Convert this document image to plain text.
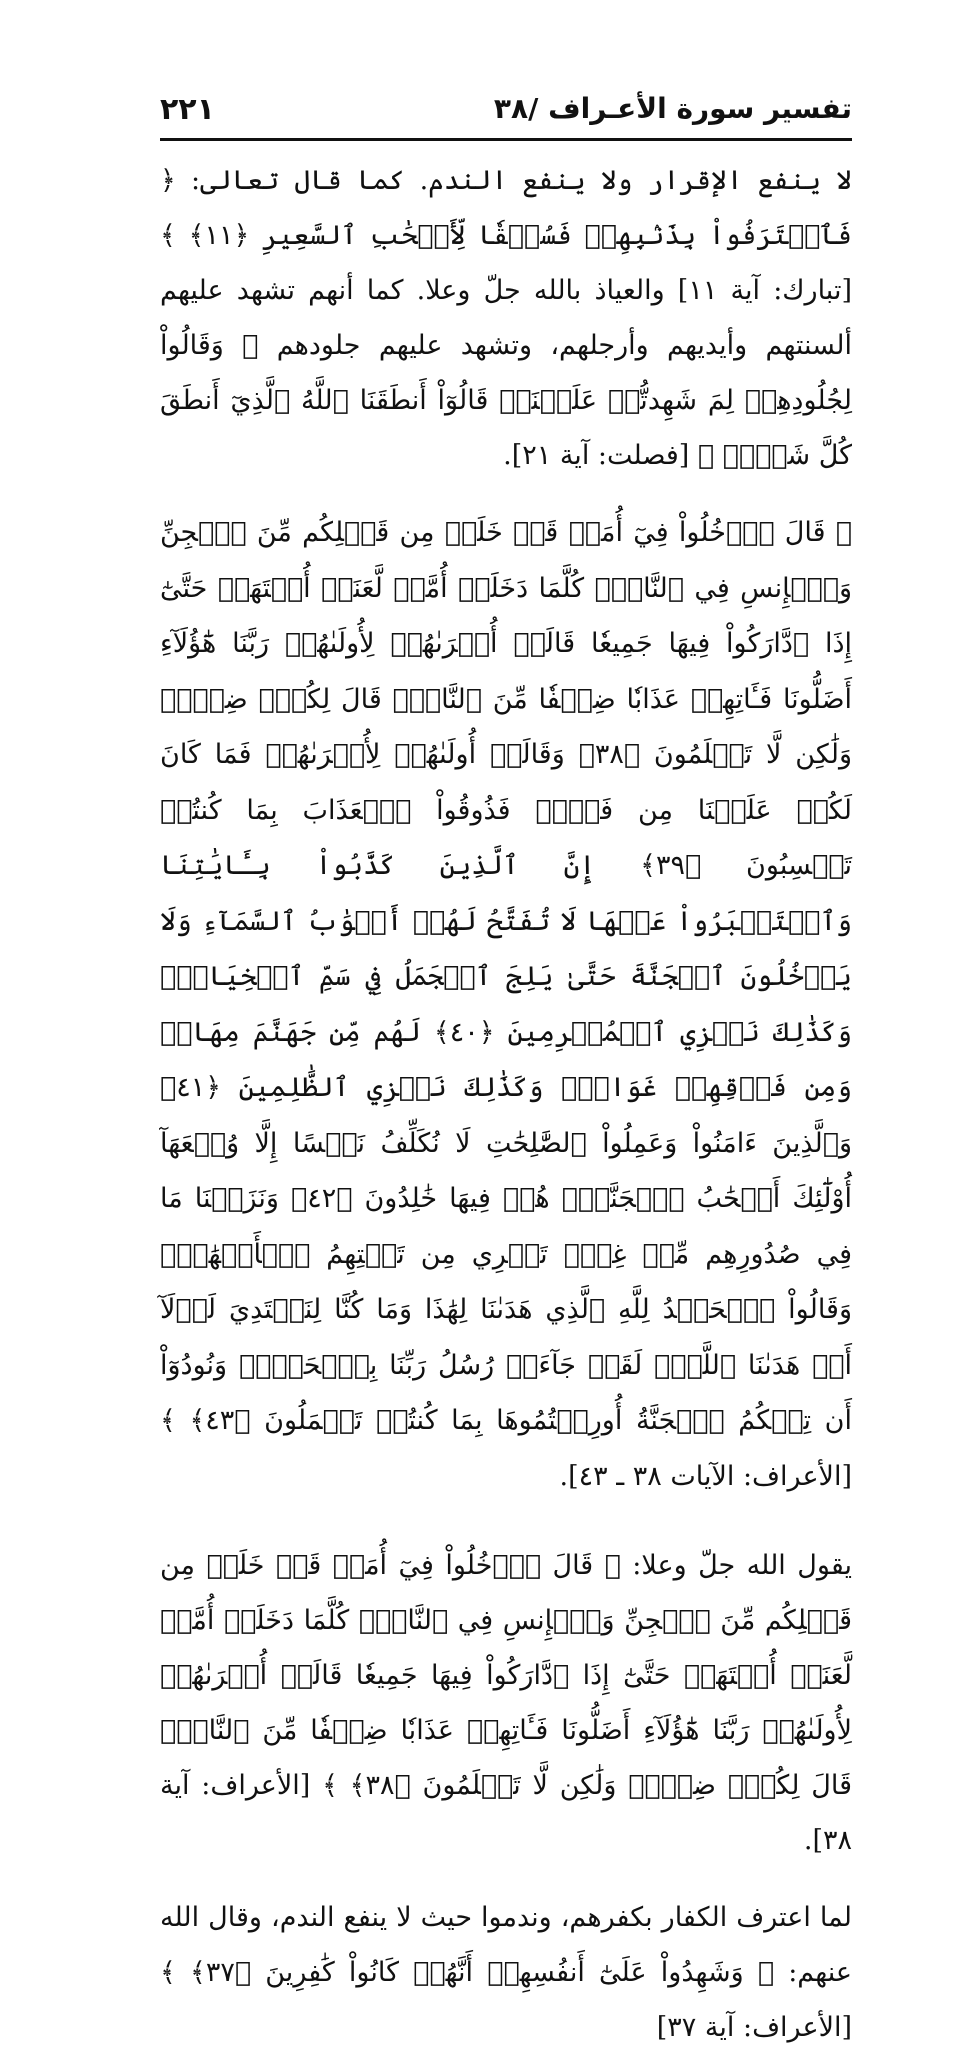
تفسير سورة الأعـراف /٣٨
٢٢١

لا ينفع الإقرار ولا ينفع الندم. كما قال تعالى: ﴿ فَٱعۡتَرَفُواْ بِذَنۢبِهِمۡ فَسُحۡقٗا لِّأَصۡحَٰبِ ٱلسَّعِيرِ ﴿١١﴾ ﴾ [تبارك: آية ١١] والعياذ بالله جلّ وعلا. كما أنهم تشهد عليهم ألسنتهم وأيديهم وأرجلهم، وتشهد عليهم جلودهم ﴿ وَقَالُواْ لِجُلُودِهِمۡ لِمَ شَهِدتُّمۡ عَلَيۡنَاۖ قَالُوٓاْ أَنطَقَنَا ٱللَّهُ ٱلَّذِيٓ أَنطَقَ كُلَّ شَيۡءٖ ﴾ [فصلت: آية ٢١].

﴿ قَالَ ٱدۡخُلُواْ فِيٓ أُمَمٖ قَدۡ خَلَتۡ مِن قَبۡلِكُم مِّنَ ٱلۡجِنِّ وَٱلۡإِنسِ فِي ٱلنَّارِۖ كُلَّمَا دَخَلَتۡ أُمَّةٞ لَّعَنَتۡ أُخۡتَهَاۖ حَتَّىٰٓ إِذَا ٱدَّارَكُواْ فِيهَا جَمِيعٗا قَالَتۡ أُخۡرَىٰهُمۡ لِأُولَىٰهُمۡ رَبَّنَا هَٰٓؤُلَآءِ أَضَلُّونَا فَـَٔاتِهِمۡ عَذَابٗا ضِعۡفٗا مِّنَ ٱلنَّارِۖ قَالَ لِكُلّٖ ضِعۡفٞ وَلَٰكِن لَّا تَعۡلَمُونَ ﴿٣٨﴾ وَقَالَتۡ أُولَىٰهُمۡ لِأُخۡرَىٰهُمۡ فَمَا كَانَ لَكُمۡ عَلَيۡنَا مِن فَضۡلٖ فَذُوقُواْ ٱلۡعَذَابَ بِمَا كُنتُمۡ تَكۡسِبُونَ ﴿٣٩﴾ إِنَّ ٱلَّذِينَ كَذَّبُواْ بِـَٔايَٰتِنَا وَٱسۡتَكۡبَرُواْ عَنۡهَا لَا تُفَتَّحُ لَهُمۡ أَبۡوَٰبُ ٱلسَّمَآءِ وَلَا يَدۡخُلُونَ ٱلۡجَنَّةَ حَتَّىٰ يَلِجَ ٱلۡجَمَلُ فِي سَمِّ ٱلۡخِيَاطِۚ وَكَذَٰلِكَ نَجۡزِي ٱلۡمُجۡرِمِينَ ﴿٤٠﴾ لَهُم مِّن جَهَنَّمَ مِهَادٞ وَمِن فَوۡقِهِمۡ غَوَاشٖۚ وَكَذَٰلِكَ نَجۡزِي ٱلظَّٰلِمِينَ ﴿٤١﴾ وَٱلَّذِينَ ءَامَنُواْ وَعَمِلُواْ ٱلصَّٰلِحَٰتِ لَا نُكَلِّفُ نَفۡسًا إِلَّا وُسۡعَهَآ أُوْلَٰٓئِكَ أَصۡحَٰبُ ٱلۡجَنَّةِۖ هُمۡ فِيهَا خَٰلِدُونَ ﴿٤٢﴾ وَنَزَعۡنَا مَا فِي صُدُورِهِم مِّنۡ غِلّٖ تَجۡرِي مِن تَحۡتِهِمُ ٱلۡأَنۡهَٰرُۖ وَقَالُواْ ٱلۡحَمۡدُ لِلَّهِ ٱلَّذِي هَدَىٰنَا لِهَٰذَا وَمَا كُنَّا لِنَهۡتَدِيَ لَوۡلَآ أَنۡ هَدَىٰنَا ٱللَّهُۖ لَقَدۡ جَآءَتۡ رُسُلُ رَبِّنَا بِٱلۡحَقِّۖ وَنُودُوٓاْ أَن تِلۡكُمُ ٱلۡجَنَّةُ أُورِثۡتُمُوهَا بِمَا كُنتُمۡ تَعۡمَلُونَ ﴿٤٣﴾ ﴾ [الأعراف: الآيات ٣٨ ـ ٤٣].

يقول الله جلّ وعلا: ﴿ قَالَ ٱدۡخُلُواْ فِيٓ أُمَمٖ قَدۡ خَلَتۡ مِن قَبۡلِكُم مِّنَ ٱلۡجِنِّ وَٱلۡإِنسِ فِي ٱلنَّارِۖ كُلَّمَا دَخَلَتۡ أُمَّةٞ لَّعَنَتۡ أُخۡتَهَاۖ حَتَّىٰٓ إِذَا ٱدَّارَكُواْ فِيهَا جَمِيعٗا قَالَتۡ أُخۡرَىٰهُمۡ لِأُولَىٰهُمۡ رَبَّنَا هَٰٓؤُلَآءِ أَضَلُّونَا فَـَٔاتِهِمۡ عَذَابٗا ضِعۡفٗا مِّنَ ٱلنَّارِۖ قَالَ لِكُلّٖ ضِعۡفٞ وَلَٰكِن لَّا تَعۡلَمُونَ ﴿٣٨﴾ ﴾ [الأعراف: آية ٣٨].

لما اعترف الكفار بكفرهم، وندموا حيث لا ينفع الندم، وقال الله عنهم: ﴿ وَشَهِدُواْ عَلَىٰٓ أَنفُسِهِمۡ أَنَّهُمۡ كَانُواْ كَٰفِرِينَ ﴿٣٧﴾ ﴾ [الأعراف: آية ٣٧]
